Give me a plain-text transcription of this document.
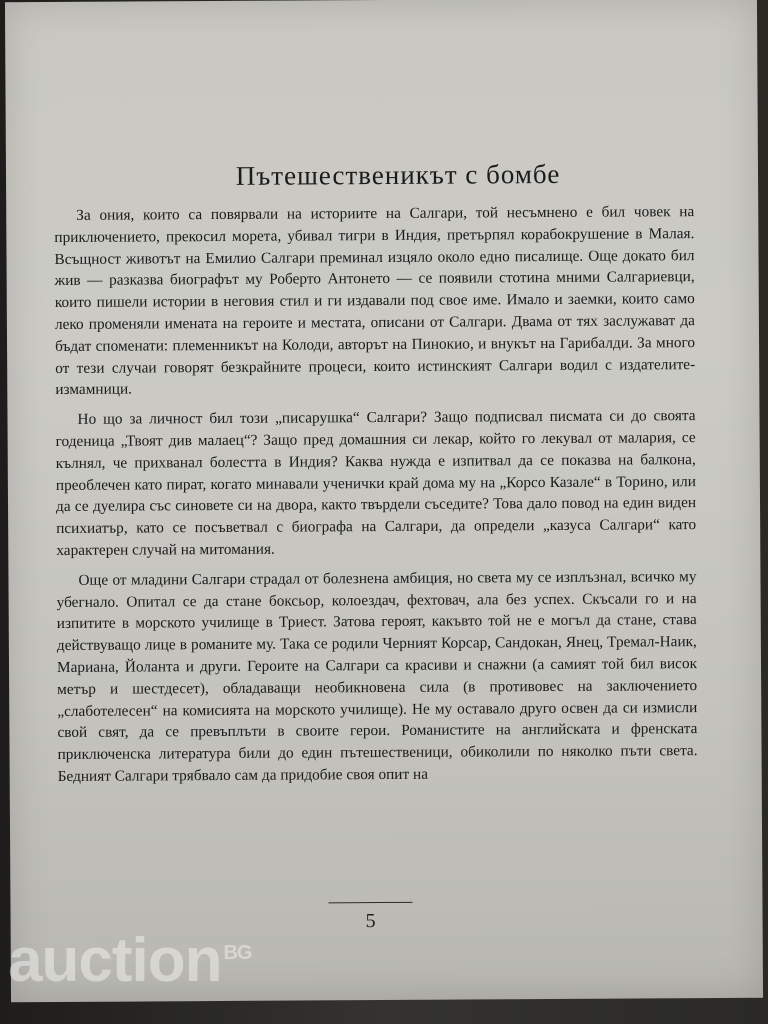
Пътешественикът с бомбе

За ония, които са повярвали на историите на Салгари, той несъмнено е бил човек на приключението, прекосил морета, убивал тигри в Индия, претърпял корабокрушение в Малая. Всъщност животът на Емилио Салгари преминал изцяло около едно писалище. Още докато бил жив — разказва биографът му Роберто Антонето — се появили стотина мними Салгариевци, които пишели истории в неговия стил и ги издавали под свое име. Имало и заемки, които само леко променяли имената на героите и местата, описани от Салгари. Двама от тях заслужават да бъдат споменати: племенникът на Колоди, авторът на Пинокио, и внукът на Гарибалди. За много от тези случаи говорят безкрайните процеси, които истинският Салгари водил с издателите-измамници.

Но що за личност бил този „писарушка“ Салгари? Защо подписвал писмата си до своята годеница „Твоят див малаец“? Защо пред домашния си лекар, който го лекувал от малария, се кълнял, че прихванал болестта в Индия? Каква нужда е изпитвал да се показва на балкона, преоблечен като пират, когато минавали ученички край дома му на „Корсо Казале“ в Торино, или да се дуелира със синовете си на двора, както твърдели съседите? Това дало повод на един виден психиатър, като се посъветвал с биографа на Салгари, да определи „казуса Салгари“ като характерен случай на митомания.

Още от младини Салгари страдал от болезнена амбиция, но света му се изплъзнал, всичко му убегнало. Опитал се да стане боксьор, колоездач, фехтовач, ала без успех. Скъсали го и на изпитите в морското училище в Триест. Затова героят, какъвто той не е могъл да стане, става действуващо лице в романите му. Така се родили Черният Корсар, Сандокан, Янец, Тремал-Наик, Мариана, Йоланта и други. Героите на Салгари са красиви и снажни (а самият той бил висок метър и шестдесет), обладаващи необикновена сила (в противовес на заключението „слаботелесен“ на комисията на морското училище). Не му оставало друго освен да си измисли свой свят, да се превъплъти в своите герои. Романистите на английската и френската приключенска литература били до един пътешественици, обиколили по няколко пъти света. Бедният Салгари трябвало сам да придобие своя опит на

5
auction $^{BG}$
